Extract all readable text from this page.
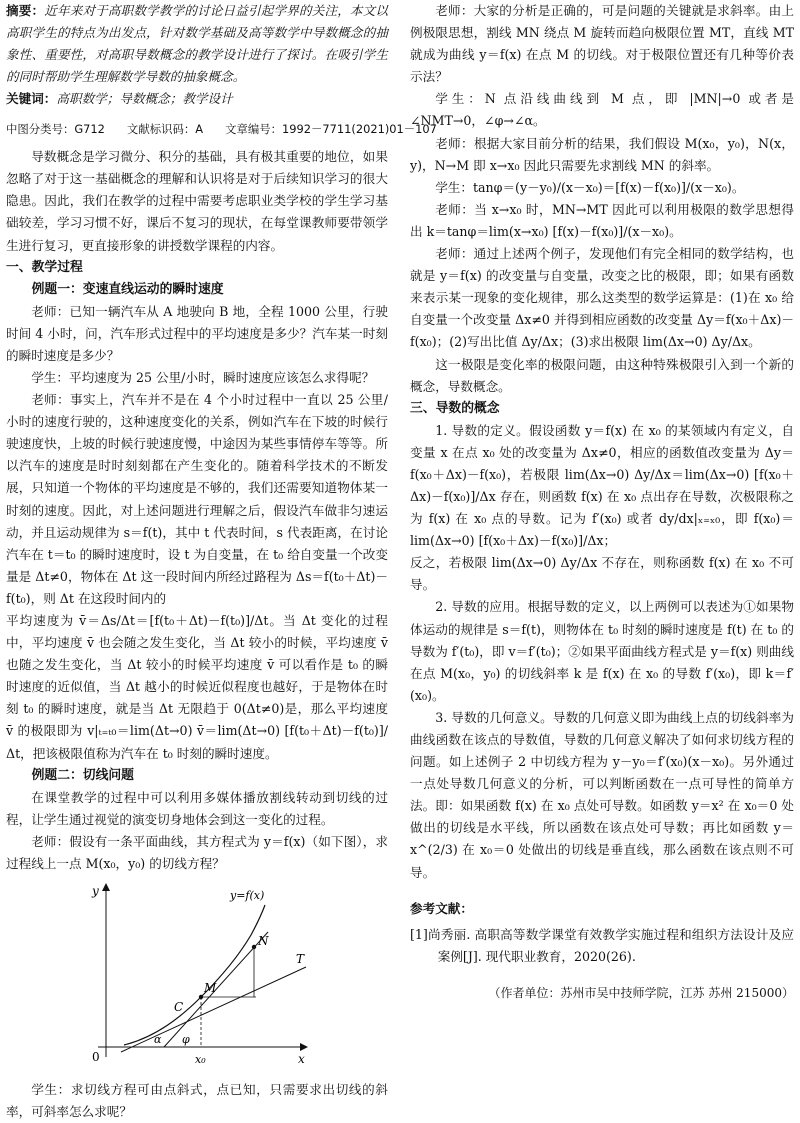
摘要：近年来对于高职数学教学的讨论日益引起学界的关注，本文以高职学生的特点为出发点，针对数学基础及高等数学中导数概念的抽象性、重要性，对高职导数概念的教学设计进行了探讨。在吸引学生的同时帮助学生理解数学导数的抽象概念。

关键词：高职数学；导数概念；教学设计

中图分类号：G712 文献标识码：A 文章编号：1992－7711(2021)01－107

导数概念是学习微分、积分的基础，具有极其重要的地位，如果忽略了对于这一基础概念的理解和认识将是对于后续知识学习的很大隐患。因此，我们在教学的过程中需要考虑职业类学校的学生学习基础较差，学习习惯不好，课后不复习的现状，在每堂课教师要带领学生进行复习，更直接形象的讲授数学课程的内容。

一、教学过程
例题一：变速直线运动的瞬时速度

老师：已知一辆汽车从 A 地驶向 B 地，全程 1000 公里，行驶时间 4 小时，问，汽车形式过程中的平均速度是多少？汽车某一时刻的瞬时速度是多少？

学生：平均速度为 25 公里/小时，瞬时速度应该怎么求得呢？

老师：事实上，汽车并不是在 4 个小时过程中一直以 25 公里/小时的速度行驶的，这种速度变化的关系，例如汽车在下坡的时候行驶速度快，上坡的时候行驶速度慢，中途因为某些事情停车等等。所以汽车的速度是时时刻刻都在产生变化的。随着科学技术的不断发展，只知道一个物体的平均速度是不够的，我们还需要知道物体某一时刻的速度。因此，对上述问题进行理解之后，假设汽车做非匀速运动，并且运动规律为 s＝f(t)，其中 t 代表时间，s 代表距离，在讨论汽车在 t＝t₀ 的瞬时速度时，设 t 为自变量，在 t₀ 给自变量一个改变量是 Δt≠0，物体在 Δt 这一段时间内所经过路程为 Δs＝f(t₀＋Δt)－f(t₀)，则 Δt 在这段时间内的

平均速度为 v̄＝Δs/Δt＝[f(t₀＋Δt)－f(t₀)]/Δt。当 Δt 变化的过程中，平均速度 v̄ 也会随之发生变化，当 Δt 较小的时候，平均速度 v̄ 也随之发生变化，当 Δt 较小的时候平均速度 v̄ 可以看作是 t₀ 的瞬时速度的近似值，当 Δt 越小的时候近似程度也越好，于是物体在时刻 t₀ 的瞬时速度，就是当 Δt 无限趋于 0(Δt≠0)是，那么平均速度 v̄ 的极限即为 v|ₜ₌ₜ₀＝lim(Δt→0) v̄＝lim(Δt→0) [f(t₀＋Δt)－f(t₀)]/Δt，把该极限值称为汽车在 t₀ 时刻的瞬时速度。

例题二：切线问题

在课堂教学的过程中可以利用多媒体播放割线转动到切线的过程，让学生通过视觉的演变切身地体会到这一变化的过程。

老师：假设有一条平面曲线，其方程式为 y＝f(x)（如下图），求过程线上一点 M(x₀，y₀) 的切线方程？

y
x
0
y=f(x)
T
M
N
C
x₀
α φ

学生：求切线方程可由点斜式，点已知，只需要求出切线的斜率，可斜率怎么求呢？

老师：大家的分析是正确的，可是问题的关键就是求斜率。由上例极限思想，割线 MN 绕点 M 旋转而趋向极限位置 MT，直线 MT 就成为曲线 y＝f(x) 在点 M 的切线。对于极限位置还有几种等价表示法？

学生：N 点沿线曲线到 M 点，即 |MN|→0 或者是 ∠NMT→0，∠φ→∠α。

老师：根据大家目前分析的结果，我们假设 M(x₀，y₀)，N(x，y)，N→M 即 x→x₀ 因此只需要先求割线 MN 的斜率。

学生：tanφ＝(y－y₀)/(x－x₀)＝[f(x)－f(x₀)]/(x－x₀)。

老师：当 x→x₀ 时，MN→MT 因此可以利用极限的数学思想得出 k＝tanφ＝lim(x→x₀) [f(x)－f(x₀)]/(x－x₀)。

老师：通过上述两个例子，发现他们有完全相同的数学结构，也就是 y＝f(x) 的改变量与自变量，改变之比的极限，即；如果有函数来表示某一现象的变化规律，那么这类型的数学运算是：(1)在 x₀ 给自变量一个改变量 Δx≠0 并得到相应函数的改变量 Δy＝f(x₀＋Δx)－f(x₀)；(2)写出比值 Δy/Δx；(3)求出极限 lim(Δx→0) Δy/Δx。

这一极限是变化率的极限问题，由这种特殊极限引入到一个新的概念，导数概念。

三、导数的概念

1. 导数的定义。假设函数 y＝f(x) 在 x₀ 的某领域内有定义，自变量 x 在点 x₀ 处的改变量为 Δx≠0，相应的函数值改变量为 Δy＝f(x₀＋Δx)－f(x₀)，若极限 lim(Δx→0) Δy/Δx＝lim(Δx→0) [f(x₀＋Δx)－f(x₀)]/Δx 存在，则函数 f(x) 在 x₀ 点出存在导数，次极限称之为 f(x) 在 x₀ 点的导数。记为 f′(x₀) 或者 dy/dx|ₓ₌ₓ₀，即 f(x₀)＝lim(Δx→0) [f(x₀＋Δx)－f(x₀)]/Δx；

反之，若极限 lim(Δx→0) Δy/Δx 不存在，则称函数 f(x) 在 x₀ 不可导。

2. 导数的应用。根据导数的定义，以上两例可以表述为①如果物体运动的规律是 s＝f(t)，则物体在 t₀ 时刻的瞬时速度是 f(t) 在 t₀ 的导数为 f′(t₀)，即 v＝f′(t₀)；②如果平面曲线方程式是 y＝f(x) 则曲线在点 M(x₀，y₀) 的切线斜率 k 是 f(x) 在 x₀ 的导数 f′(x₀)，即 k＝f′(x₀)。

3. 导数的几何意义。导数的几何意义即为曲线上点的切线斜率为曲线函数在该点的导数值，导数的几何意义解决了如何求切线方程的问题。如上述例子 2 中切线方程为 y－y₀＝f′(x₀)(x－x₀)。另外通过一点处导数几何意义的分析，可以判断函数在一点可导性的简单方法。即：如果函数 f(x) 在 x₀ 点处可导数。如函数 y＝x² 在 x₀＝0 处做出的切线是水平线，所以函数在该点处可导数；再比如函数 y＝x^(2/3) 在 x₀＝0 处做出的切线是垂直线，那么函数在该点则不可导。

参考文献：

[1]尚秀丽. 高职高等数学课堂有效教学实施过程和组织方法设计及应案例[J]. 现代职业教育，2020(26).

（作者单位：苏州市吴中技师学院，江苏 苏州 215000）
